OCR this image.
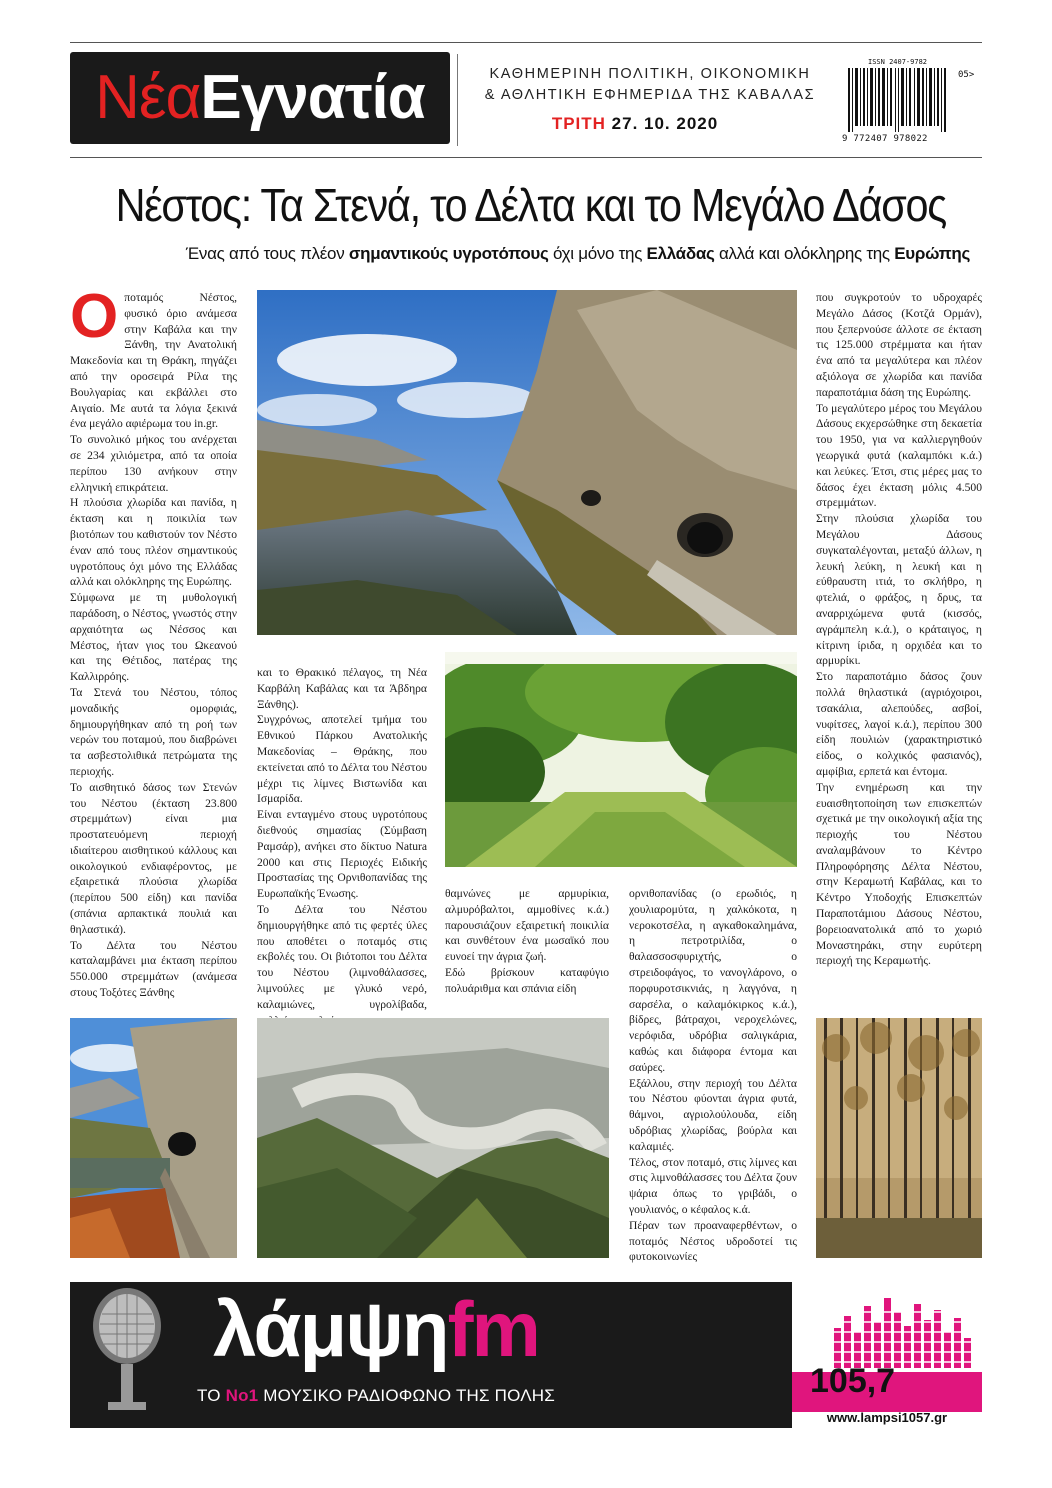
Νέα Εγνατία	ΚΑΘΗΜΕΡΙΝΗ ΠΟΛΙΤΙΚΗ, ΟΙΚΟΝΟΜΙΚΗ
& ΑΘΛΗΤΙΚΗ ΕΦΗΜΕΡΙΔΑ ΤΗΣ ΚΑΒΑΛΑΣ
ΤΡΙΤΗ 27. 10. 2020
ISSN 2407-9782
05>
9 772407 978022
Νέστος: Τα Στενά, το Δέλτα και το Μεγάλο Δάσος
Ένας από τους πλέον σημαντικούς υγροτόπους όχι μόνο της Ελλάδας αλλά και ολόκληρης της Ευρώπης

Οποταμός Νέστος, φυσικό όριο ανάμεσα στην Καβάλα και την Ξάνθη, την Ανατολική Μακεδονία και τη Θράκη, πηγάζει από την οροσειρά Ρίλα της Βουλγαρίας και εκβάλλει στο Αιγαίο. Με αυτά τα λόγια ξεκινά ένα μεγάλο αφιέρωμα του in.gr.

Το συνολικό μήκος του ανέρχεται σε 234 χιλιόμετρα, από τα οποία περίπου 130 ανήκουν στην ελληνική επικράτεια.

Η πλούσια χλωρίδα και πανίδα, η έκταση και η ποικιλία των βιοτόπων του καθιστούν τον Νέστο έναν από τους πλέον σημαντικούς υγροτόπους όχι μόνο της Ελλάδας αλλά και ολόκληρης της Ευρώπης.

Σύμφωνα με τη μυθολογική παράδοση, ο Νέστος, γνωστός στην αρχαιότητα ως Νέσσος και Μέστος, ήταν γιος του Ωκεανού και της Θέτιδος, πατέρας της Καλλιρρόης.

Τα Στενά του Νέστου, τόπος μοναδικής ομορφιάς, δημιουργήθηκαν από τη ροή των νερών του ποταμού, που διαβρώνει τα ασβεστολιθικά πετρώματα της περιοχής.

Το αισθητικό δάσος των Στενών του Νέστου (έκταση 23.800 στρεμμάτων) είναι μια προστατευόμενη περιοχή ιδιαίτερου αισθητικού κάλλους και οικολογικού ενδιαφέροντος, με εξαιρετικά πλούσια χλωρίδα (περίπου 500 είδη) και πανίδα (σπάνια αρπακτικά πουλιά και θηλαστικά).

Το Δέλτα του Νέστου καταλαμβάνει μια έκταση περίπου 550.000 στρεμμάτων (ανάμεσα στους Τοξότες Ξάνθης

και το Θρακικό πέλαγος, τη Νέα Καρβάλη Καβάλας και τα Άβδηρα Ξάνθης).

Συγχρόνως, αποτελεί τμήμα του Εθνικού Πάρκου Ανατολικής Μακεδονίας – Θράκης, που εκτείνεται από το Δέλτα του Νέστου μέχρι τις λίμνες Βιστωνίδα και Ισμαρίδα.

Είναι ενταγμένο στους υγροτόπους διεθνούς σημασίας (Σύμβαση Ραμσάρ), ανήκει στο δίκτυο Natura 2000 και στις Περιοχές Ειδικής Προστασίας της Ορνιθοπανίδας της Ευρωπαϊκής Ένωσης.

Το Δέλτα του Νέστου δημιουργήθηκε από τις φερτές ύλες που αποθέτει ο ποταμός στις εκβολές του. Οι βιότοποι του Δέλτα του Νέστου (λιμνοθάλασσες, λιμνούλες με γλυκό νερό, καλαμιώνες, υγρολίβαδα,

θαμνώνες με αρμυρίκια, αλμυρόβαλτοι, αμμοθίνες κ.ά.) παρουσιάζουν εξαιρετική ποικιλία και συνθέτουν ένα μωσαϊκό που ευνοεί την άγρια ζωή.

Εδώ βρίσκουν καταφύγιο πολυάριθμα και σπάνια είδη

ορνιθοπανίδας (ο ερωδιός, η χουλιαρομύτα, η χαλκόκοτα, η νεροκοτσέλα, η αγκαθοκαλημάνα, η πετροτριλίδα, ο θαλασσοσφυριχτής, ο στρειδοφάγος, το νανογλάρονο, ο πορφυροτσικνιάς, η λαγγόνα, η σαρσέλα, ο καλαμόκιρκος κ.ά.), βίδρες, βάτραχοι, νεροχελώνες, νερόφιδα, υδρόβια σαλιγκάρια, καθώς και διάφορα έντομα και σαύρες.

Εξάλλου, στην περιοχή του Δέλτα του Νέστου φύονται άγρια φυτά, θάμνοι, αγριολούλουδα, είδη υδρόβιας χλωρίδας, βούρλα και καλαμιές.

Τέλος, στον ποταμό, στις λίμνες και στις λιμνοθάλασσες του Δέλτα ζουν ψάρια όπως το γριβάδι, ο γουλιανός, ο κέφαλος κ.ά.

Πέραν των προαναφερθέντων, ο ποταμός Νέστος υδροδοτεί τις φυτοκοινωνίες

που συγκροτούν το υδροχαρές Μεγάλο Δάσος (Κοτζά Ορμάν), που ξεπερνούσε άλλοτε σε έκταση τις 125.000 στρέμματα και ήταν ένα από τα μεγαλύτερα και πλέον αξιόλογα σε χλωρίδα και πανίδα παραποτάμια δάση της Ευρώπης.

Το μεγαλύτερο μέρος του Μεγάλου Δάσους εκχερσώθηκε στη δεκαετία του 1950, για να καλλιεργηθούν γεωργικά φυτά (καλαμπόκι κ.ά.) και λεύκες. Έτσι, στις μέρες μας το δάσος έχει έκταση μόλις 4.500 στρεμμάτων.

Στην πλούσια χλωρίδα του Μεγάλου Δάσους συγκαταλέγονται, μεταξύ άλλων, η λευκή λεύκη, η λευκή και η εύθραυστη ιτιά, το σκλήθρο, η φτελιά, ο φράξος, η δρυς, τα αναρριχώμενα φυτά (κισσός, αγράμπελη κ.ά.), ο κράταιγος, η κίτρινη ίριδα, η ορχιδέα και το αρμυρίκι.

Στο παραποτάμιο δάσος ζουν πολλά θηλαστικά (αγριόχοιροι, τσακάλια, αλεπούδες, ασβοί, νυφίτσες, λαγοί κ.ά.), περίπου 300 είδη πουλιών (χαρακτηριστικό είδος, ο κολχικός φασιανός), αμφίβια, ερπετά και έντομα.

Την ενημέρωση και την ευαισθητοποίηση των επισκεπτών σχετικά με την οικολογική αξία της περιοχής του Νέστου αναλαμβάνουν το Κέντρο Πληροφόρησης Δέλτα Νέστου, στην Κεραμωτή Καβάλας, και το Κέντρο Υποδοχής Επισκεπτών Παραποτάμιου Δάσους Νέστου, βορειοανατολικά από το χωριό Μοναστηράκι, στην ευρύτερη περιοχή της Κεραμωτής.

λάμψηfm
ΤΟ Νο1 ΜΟΥΣΙΚΟ ΡΑΔΙΟΦΩΝΟ ΤΗΣ ΠΟΛΗΣ	105,7
www.lampsi1057.gr
